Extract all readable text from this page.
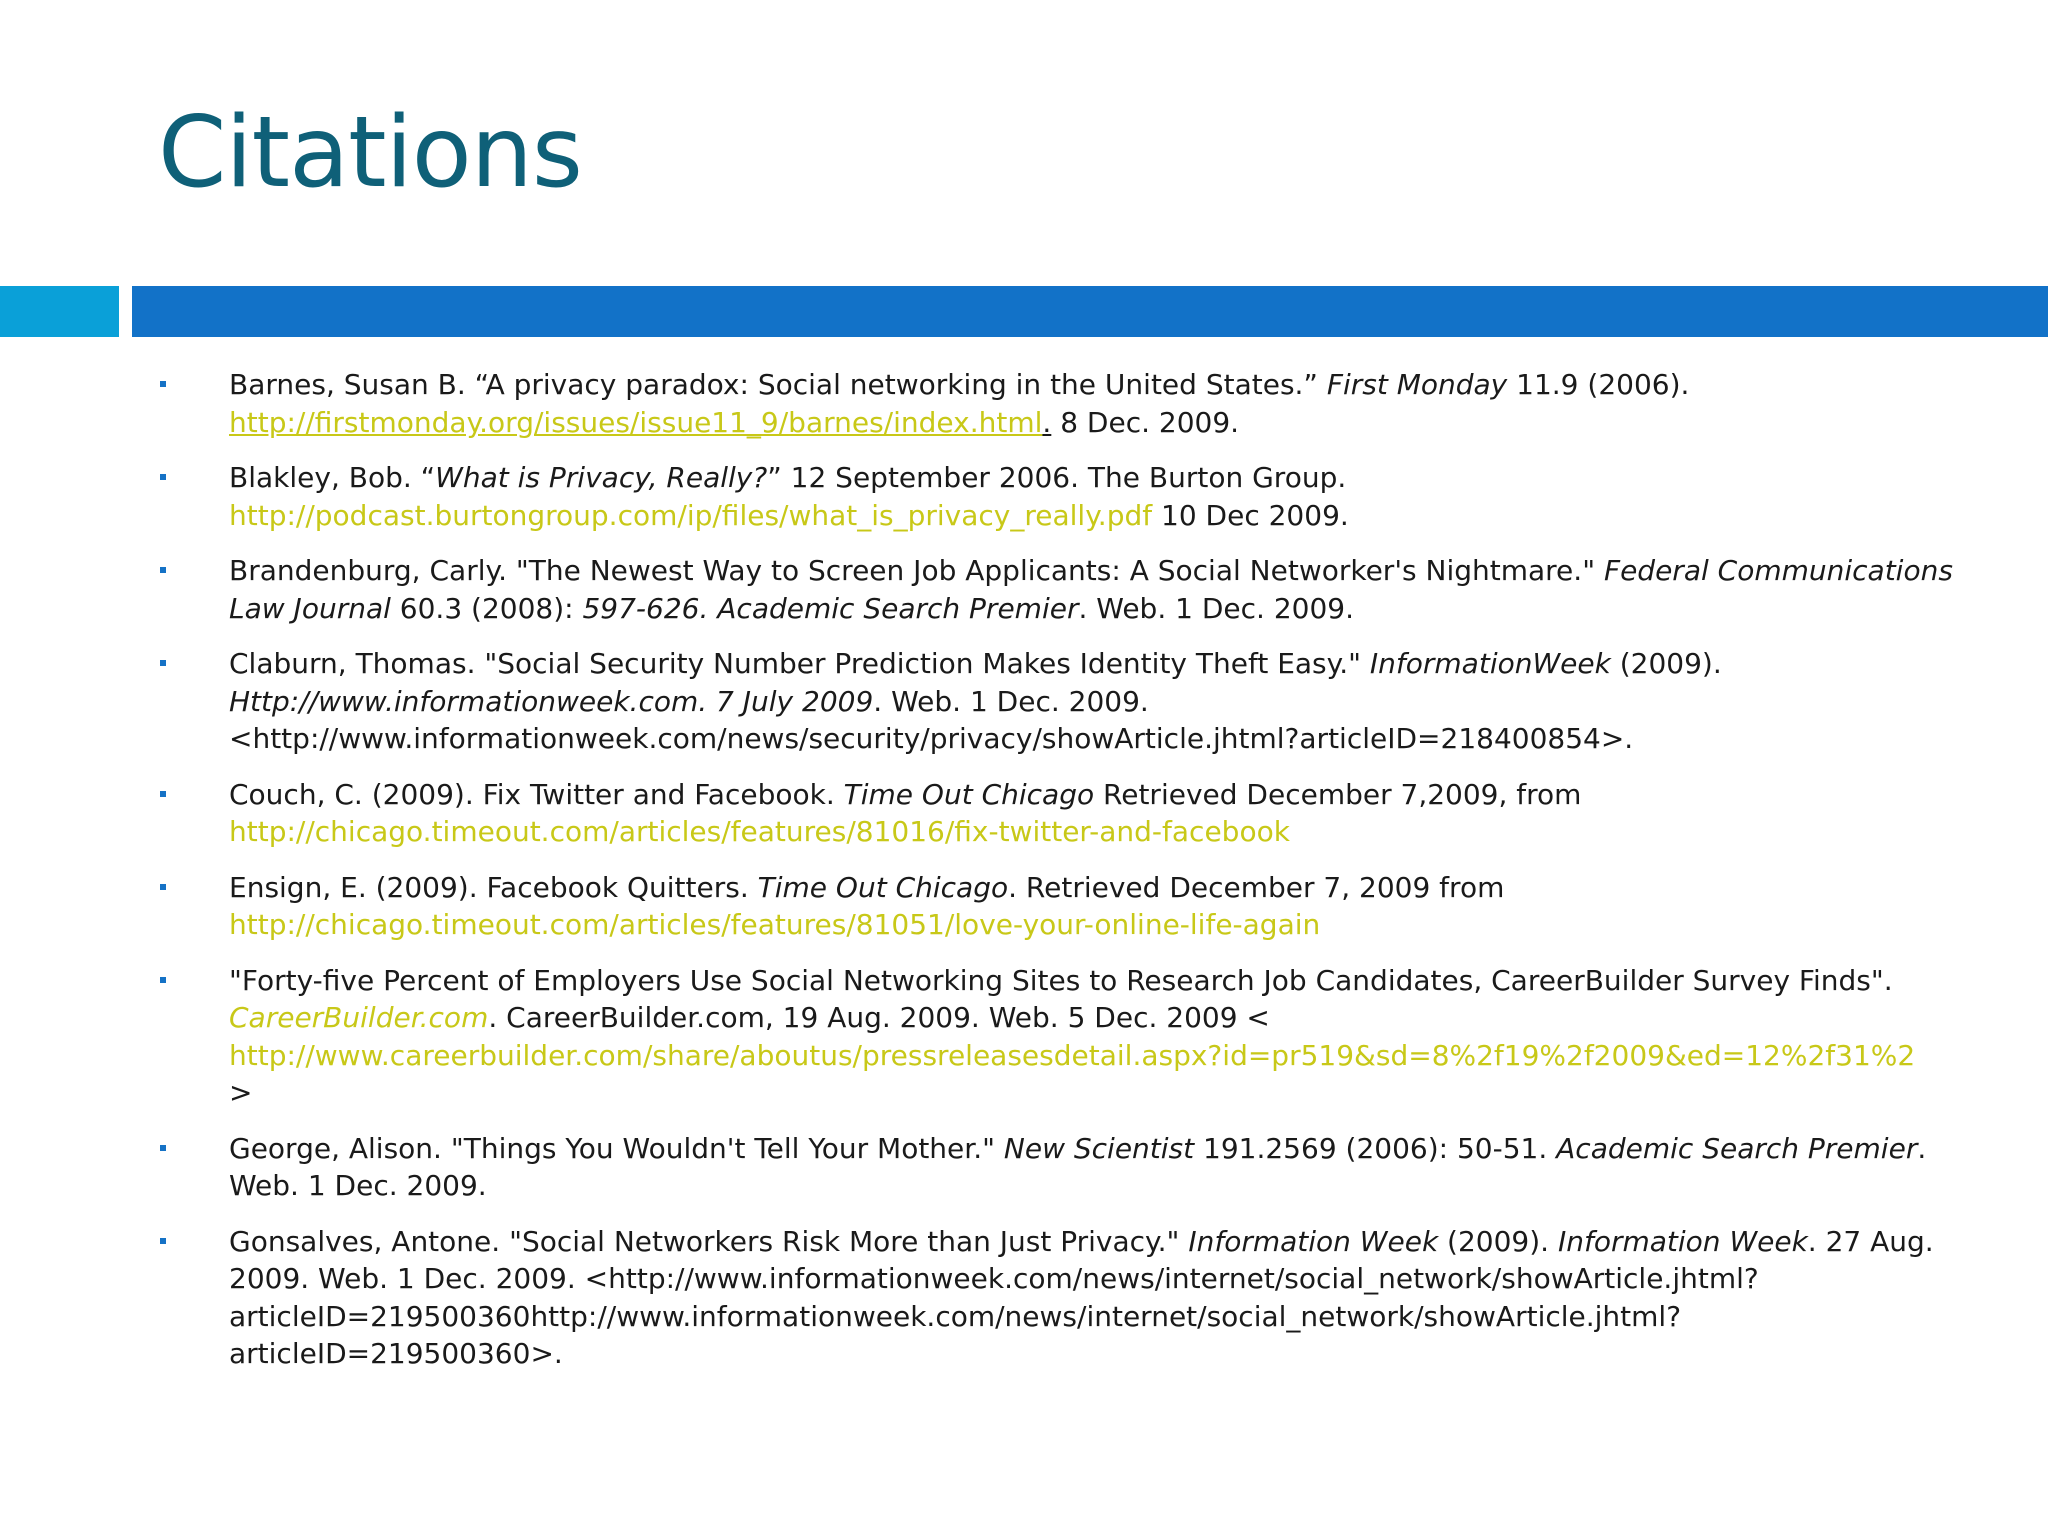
Citations
Barnes, Susan B. “A privacy paradox: Social networking in the United States.” First Monday 11.9 (2006).
http://firstmonday.org/issues/issue11_9/barnes/index.html. 8 Dec. 2009.
Blakley, Bob. “What is Privacy, Really?” 12 September 2006. The Burton Group.
http://podcast.burtongroup.com/ip/files/what_is_privacy_really.pdf 10 Dec 2009.
Brandenburg, Carly. "The Newest Way to Screen Job Applicants: A Social Networker's Nightmare." Federal Communications
Law Journal 60.3 (2008): 597-626. Academic Search Premier. Web. 1 Dec. 2009.
Claburn, Thomas. "Social Security Number Prediction Makes Identity Theft Easy." InformationWeek (2009).
Http://www.informationweek.com. 7 July 2009. Web. 1 Dec. 2009.
<http://www.informationweek.com/news/security/privacy/showArticle.jhtml?articleID=218400854>.
Couch, C. (2009). Fix Twitter and Facebook. Time Out Chicago Retrieved December 7,2009, from
http://chicago.timeout.com/articles/features/81016/fix-twitter-and-facebook
Ensign, E. (2009). Facebook Quitters. Time Out Chicago. Retrieved December 7, 2009 from
http://chicago.timeout.com/articles/features/81051/love-your-online-life-again
"Forty-five Percent of Employers Use Social Networking Sites to Research Job Candidates, CareerBuilder Survey Finds".
CareerBuilder.com. CareerBuilder.com, 19 Aug. 2009. Web. 5 Dec. 2009 <
http://www.careerbuilder.com/share/aboutus/pressreleasesdetail.aspx?id=pr519&sd=8%2f19%2f2009&ed=12%2f31%2
>
George, Alison. "Things You Wouldn't Tell Your Mother." New Scientist 191.2569 (2006): 50-51. Academic Search Premier.
Web. 1 Dec. 2009.
Gonsalves, Antone. "Social Networkers Risk More than Just Privacy." Information Week (2009). Information Week. 27 Aug.
2009. Web. 1 Dec. 2009. <http://www.informationweek.com/news/internet/social_network/showArticle.jhtml?
articleID=219500360http://www.informationweek.com/news/internet/social_network/showArticle.jhtml?
articleID=219500360>.
